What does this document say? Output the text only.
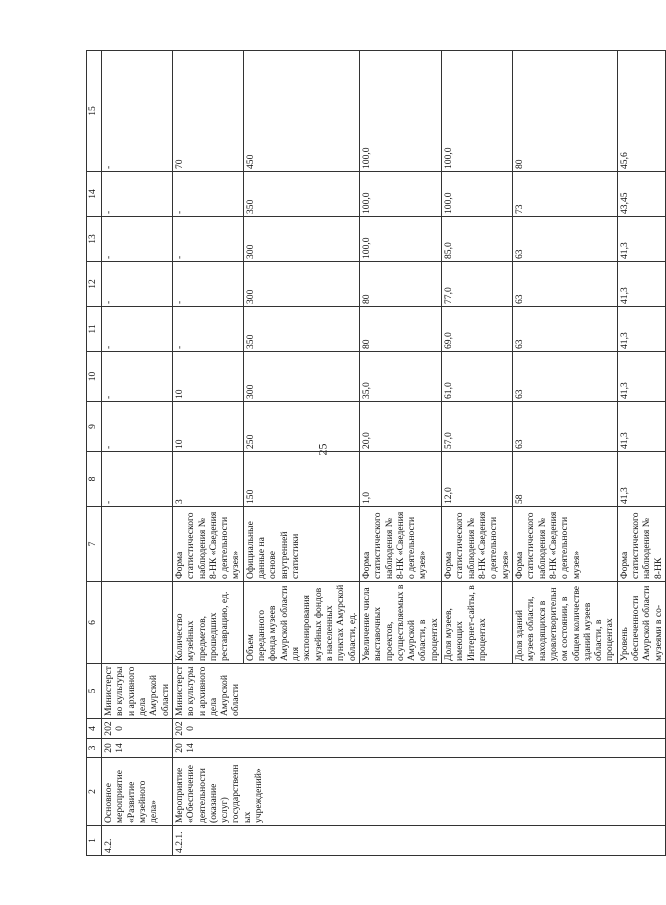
25
1	2	3	4	5	6	7	8	9	10	11	12	13	14	15
4.2.	Основное мероприятие «Развитие музейного дела»	2014	2020	Министерство культуры и архивного дела Амурской области			-	-	-	-	-	-	-	-
4.2.1.	Мероприятие «Обеспечение деятельности (оказание услуг) государственных учреждений»	2014	2020	Министерство культуры и архивного дела Амурской области	Количество музейных предметов, прошедших реставрацию, ед.	Форма статистического наблюдения № 8-НК «Сведения о деятельности музея»	3	10	10	-	-	-	-	70
					Объем переданного фонда музеев Амурской области для экспонирования музейных фондов в населенных пунктах Амурской области, ед.	Официальные данные на основе внутренней статистики	150	250	300	350	300	300	350	450
					Увеличение числа выставочных проектов, осуществляемых в Амурской области, в процентах	Форма статистического наблюдения № 8-НК «Сведения о деятельности музея»	1,0	20,0	35,0	80	80	100,0	100,0	100,0
					Доля музеев, имеющих Интернет-сайты, в процентах	Форма статистического наблюдения № 8-НК «Сведения о деятельности музея»	12,0	57,0	61,0	69,0	77,0	85,0	100,0	100,0
					Доля зданий музеев области, находящихся в удовлетворительном состоянии, в общем количестве зданий музеев области, в процентах	Форма статистического наблюдения № 8-НК «Сведения о деятельности музея»	58	63	63	63	63	63	73	80
					Уровень обеспеченности Амурской области музеями в со-	Форма статистического наблюдения № 8-НК	41,3	41,3	41,3	41,3	41,3	41,3	43,45	45,6
